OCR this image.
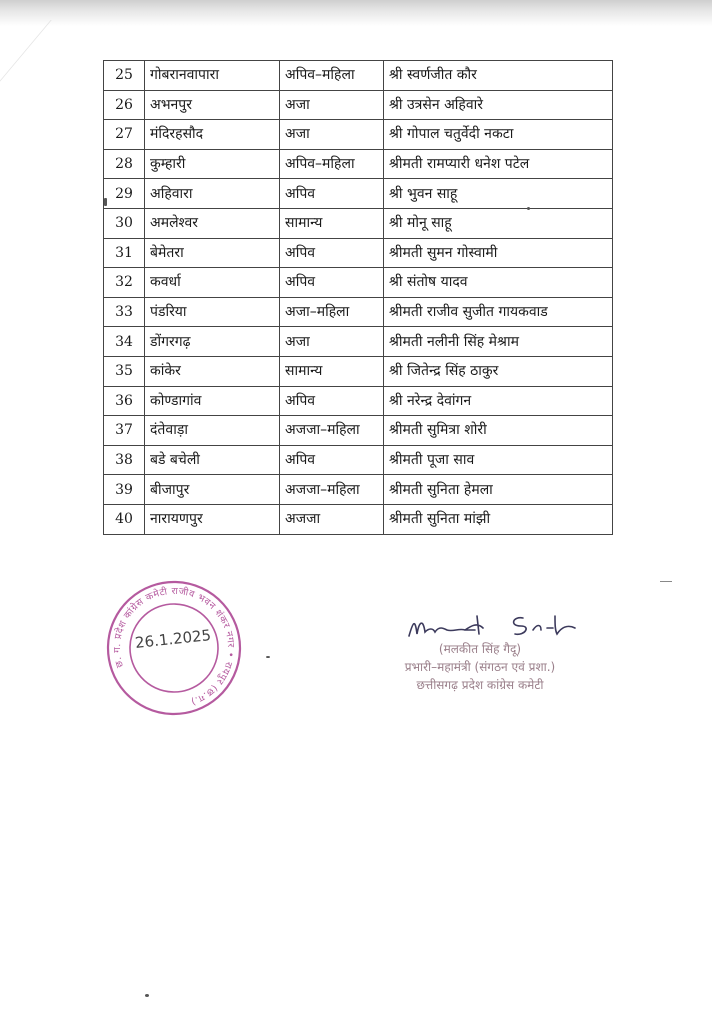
25	गोबरानवापारा	अपिव–महिला	श्री स्वर्णजीत कौर
26	अभनपुर	अजा	श्री उत्रसेन अहिवारे
27	मंदिरहसौद	अजा	श्री गोपाल चतुर्वेदी नकटा
28	कुम्हारी	अपिव–महिला	श्रीमती रामप्यारी धनेश पटेल
29	अहिवारा	अपिव	श्री भुवन साहू
30	अमलेश्वर	सामान्य	श्री मोनू साहू
31	बेमेतरा	अपिव	श्रीमती सुमन गोस्वामी
32	कवर्धा	अपिव	श्री संतोष यादव
33	पंडरिया	अजा–महिला	श्रीमती राजीव सुजीत गायकवाड
34	डोंगरगढ़	अजा	श्रीमती नलीनी सिंह मेश्राम
35	कांकेर	सामान्य	श्री जितेन्द्र सिंह ठाकुर
36	कोण्डागांव	अपिव	श्री नरेन्द्र देवांगन
37	दंतेवाड़ा	अजजा–महिला	श्रीमती सुमित्रा शोरी
38	बडे बचेली	अपिव	श्रीमती पूजा साव
39	बीजापुर	अजजा–महिला	श्रीमती सुनिता हेमला
40	नारायणपुर	अजजा	श्रीमती सुनिता मांझी
छ. ग. प्रदेश कांग्रेस कमेटी राजीव भवन शंकर नगर • रायपुर (छ.ग.)
26.1.2025	(मलकीत सिंह गैदू)
प्रभारी–महामंत्री (संगठन एवं प्रशा.)
छत्तीसगढ़ प्रदेश कांग्रेस कमेटी
